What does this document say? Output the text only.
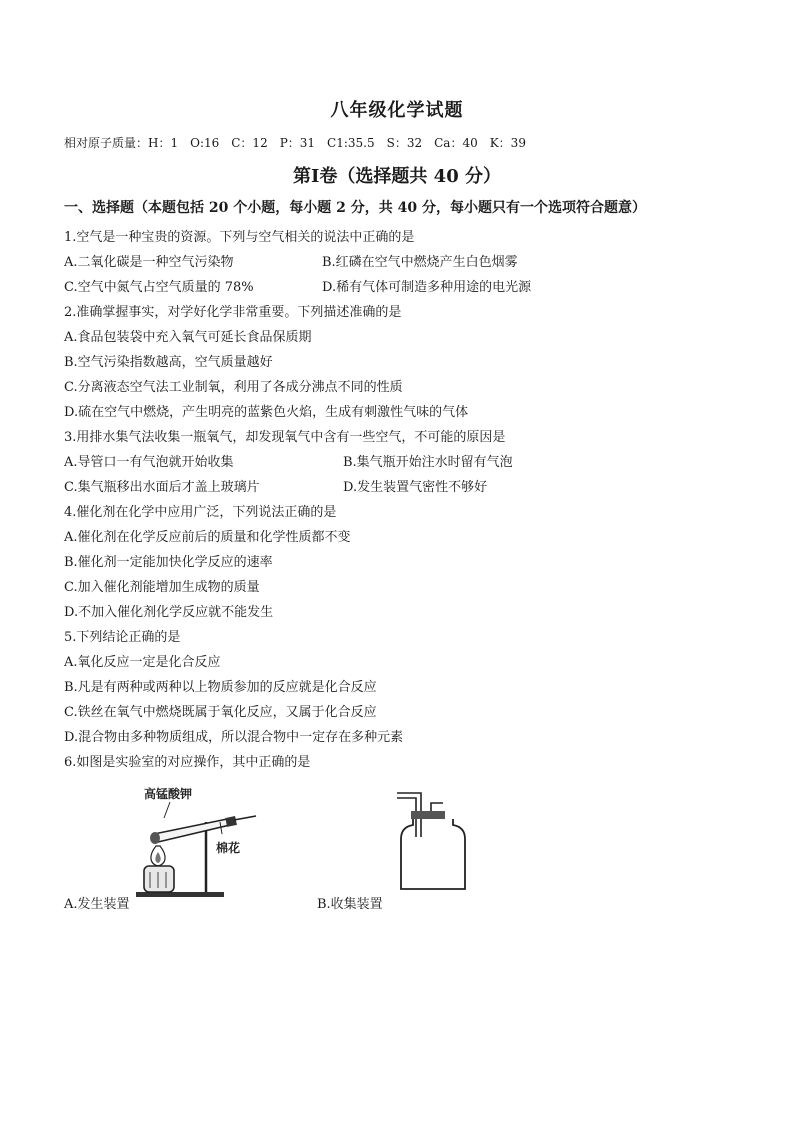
八年级化学试题
相对原子质量：H：1　O:16　C：12　P：31　C1:35.5　S：32　Ca：40　K：39
第Ⅰ卷（选择题共 40 分）
一、选择题（本题包括 20 个小题，每小题 2 分，共 40 分，每小题只有一个选项符合题意）
1.空气是一种宝贵的资源。下列与空气相关的说法中正确的是
A.二氧化碳是一种空气污染物	B.红磷在空气中燃烧产生白色烟雾
C.空气中氮气占空气质量的 78%	D.稀有气体可制造多种用途的电光源
2.准确掌握事实，对学好化学非常重要。下列描述准确的是
A.食品包装袋中充入氧气可延长食品保质期
B.空气污染指数越高，空气质量越好
C.分离液态空气法工业制氧，利用了各成分沸点不同的性质
D.硫在空气中燃烧，产生明亮的蓝紫色火焰，生成有刺激性气味的气体
3.用排水集气法收集一瓶氧气，却发现氧气中含有一些空气，不可能的原因是
A.导管口一有气泡就开始收集	B.集气瓶开始注水时留有气泡
C.集气瓶移出水面后才盖上玻璃片	D.发生装置气密性不够好
4.催化剂在化学中应用广泛，下列说法正确的是
A.催化剂在化学反应前后的质量和化学性质都不变
B.催化剂一定能加快化学反应的速率
C.加入催化剂能增加生成物的质量
D.不加入催化剂化学反应就不能发生
5.下列结论正确的是
A.氧化反应一定是化合反应
B.凡是有两种或两种以上物质参加的反应就是化合反应
C.铁丝在氧气中燃烧既属于氧化反应，又属于化合反应
D.混合物由多种物质组成，所以混合物中一定存在多种元素
6.如图是实验室的对应操作，其中正确的是
高锰酸钾
棉花
A.发生装置	B.收集装置
